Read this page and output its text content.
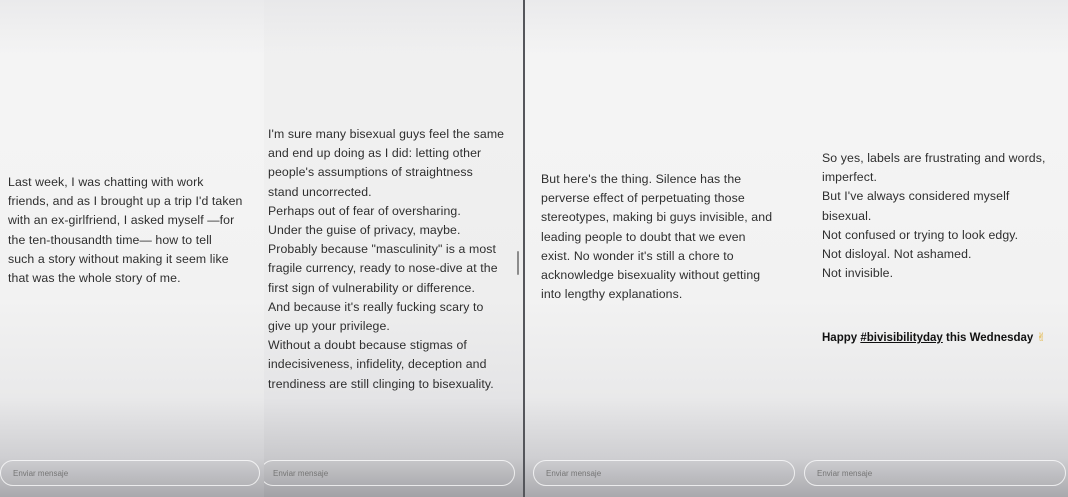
Last week, I was chatting with work
friends, and as I brought up a trip I'd taken
with an ex-girlfriend, I asked myself —for
the ten-thousandth time— how to tell
such a story without making it seem like
that was the whole story of me.
Enviar mensaje
I'm sure many bisexual guys feel the same
and end up doing as I did: letting other
people's assumptions of straightness
stand uncorrected.
Perhaps out of fear of oversharing.
Under the guise of privacy, maybe.
Probably because "masculinity" is a most
fragile currency, ready to nose-dive at the
first sign of vulnerability or difference.
And because it's really fucking scary to
give up your privilege.
Without a doubt because stigmas of
indecisiveness, infidelity, deception and
trendiness are still clinging to bisexuality.
Enviar mensaje
But here's the thing. Silence has the
perverse effect of perpetuating those
stereotypes, making bi guys invisible, and
leading people to doubt that we even
exist. No wonder it's still a chore to
acknowledge bisexuality without getting
into lengthy explanations.
Enviar mensaje
So yes, labels are frustrating and words,
imperfect.
But I've always considered myself
bisexual.
Not confused or trying to look edgy.
Not disloyal. Not ashamed.
Not invisible.
Happy #bivisibilityday this Wednesday ✌
Enviar mensaje
